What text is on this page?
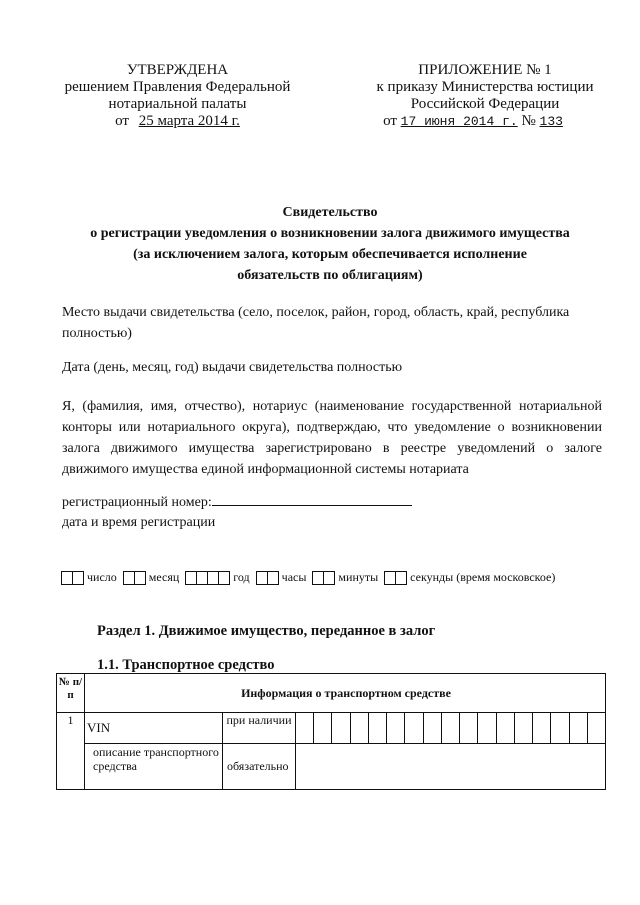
УТВЕРЖДЕНА
решением Правления Федеральной
нотариальной палаты
от 25 марта 2014 г.
ПРИЛОЖЕНИЕ № 1
к приказу Министерства юстиции
Российской Федерации
от 17 июня 2014 г. № 133
Свидетельство
о регистрации уведомления о возникновении залога движимого имущества
(за исключением залога, которым обеспечивается исполнение
обязательств по облигациям)
Место выдачи свидетельства (село, поселок, район, город, область, край, республика полностью)
Дата (день, месяц, год) выдачи свидетельства полностью
Я, (фамилия, имя, отчество), нотариус (наименование государственной нотариальной конторы или нотариального округа), подтверждаю, что уведомление о возникновении залога движимого имущества зарегистрировано в реестре уведомлений о залоге движимого имущества единой информационной системы нотариата
регистрационный номер:
дата и время регистрации
число	месяц	год	часы	минуты	секунды (время московское)
Раздел 1. Движимое имущество, переданное в залог
1.1. Транспортное средство
№ п/п	Информация о транспортном средстве		
1	VIN	при наличии	

	описание транспортного средства	обязательно	
